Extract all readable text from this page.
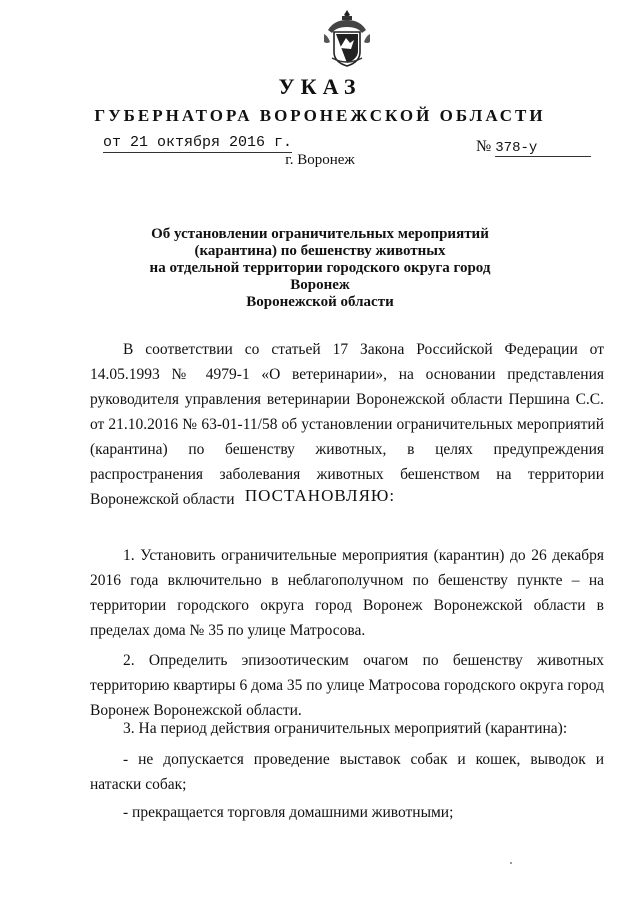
УКАЗ
ГУБЕРНАТОРА ВОРОНЕЖСКОЙ ОБЛАСТИ
от 21 октября 2016 г.	№ 378-у
г. Воронеж
Об установлении ограничительных мероприятий
(карантина) по бешенству животных
на отдельной территории городского округа город Воронеж
Воронежской области

В соответствии со статьей 17 Закона Российской Федерации от 14.05.1993 № 4979-1 «О ветеринарии», на основании представления руководителя управления ветеринарии Воронежской области Першина С.С. от 21.10.2016 № 63-01-11/58 об установлении ограничительных мероприятий (карантина) по бешенству животных, в целях предупреждения распространения заболевания животных бешенством на территории Воронежской области ПОСТАНОВЛЯЮ:

1. Установить ограничительные мероприятия (карантин) до 26 декабря 2016 года включительно в неблагополучном по бешенству пункте – на территории городского округа город Воронеж Воронежской области в пределах дома № 35 по улице Матросова.

2. Определить эпизоотическим очагом по бешенству животных территорию квартиры 6 дома 35 по улице Матросова городского округа город Воронеж Воронежской области.

3. На период действия ограничительных мероприятий (карантина):

- не допускается проведение выставок собак и кошек, выводок и натаски собак;

- прекращается торговля домашними животными;
